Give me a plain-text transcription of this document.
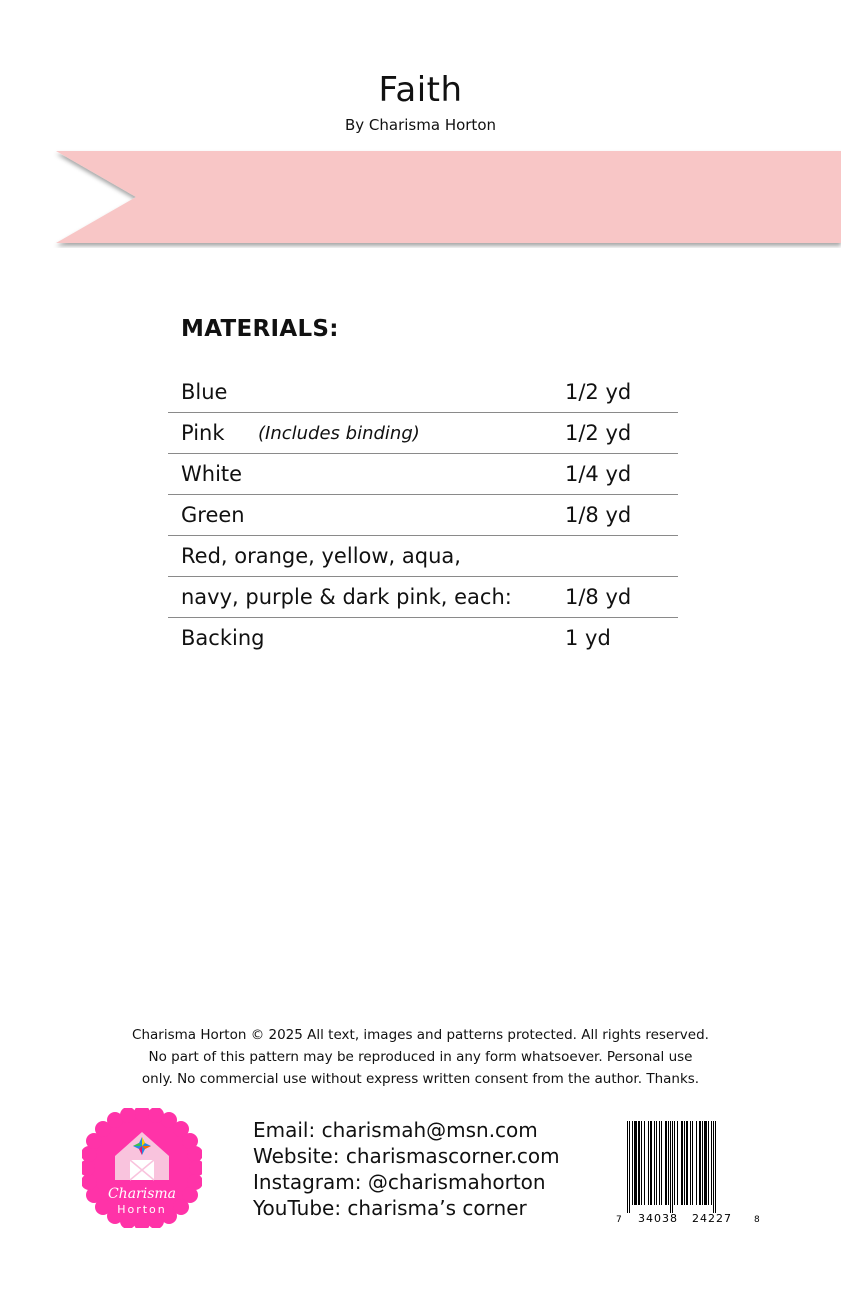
Faith
By Charisma Horton
MATERIALS:
Blue	1/2 yd
Pink (Includes binding)	1/2 yd
White	1/4 yd
Green	1/8 yd
Red, orange, yellow, aqua,
navy, purple & dark pink, each:	1/8 yd
Backing	1 yd
Charisma Horton © 2025 All text, images and patterns protected. All rights reserved.
No part of this pattern may be reproduced in any form whatsoever. Personal use
only. No commercial use without express written consent from the author. Thanks.
Charisma
Horton
Email: charismah@msn.com
Website: charismascorner.com
Instagram: @charismahorton
YouTube: charisma’s corner	7 34038 24227 8
